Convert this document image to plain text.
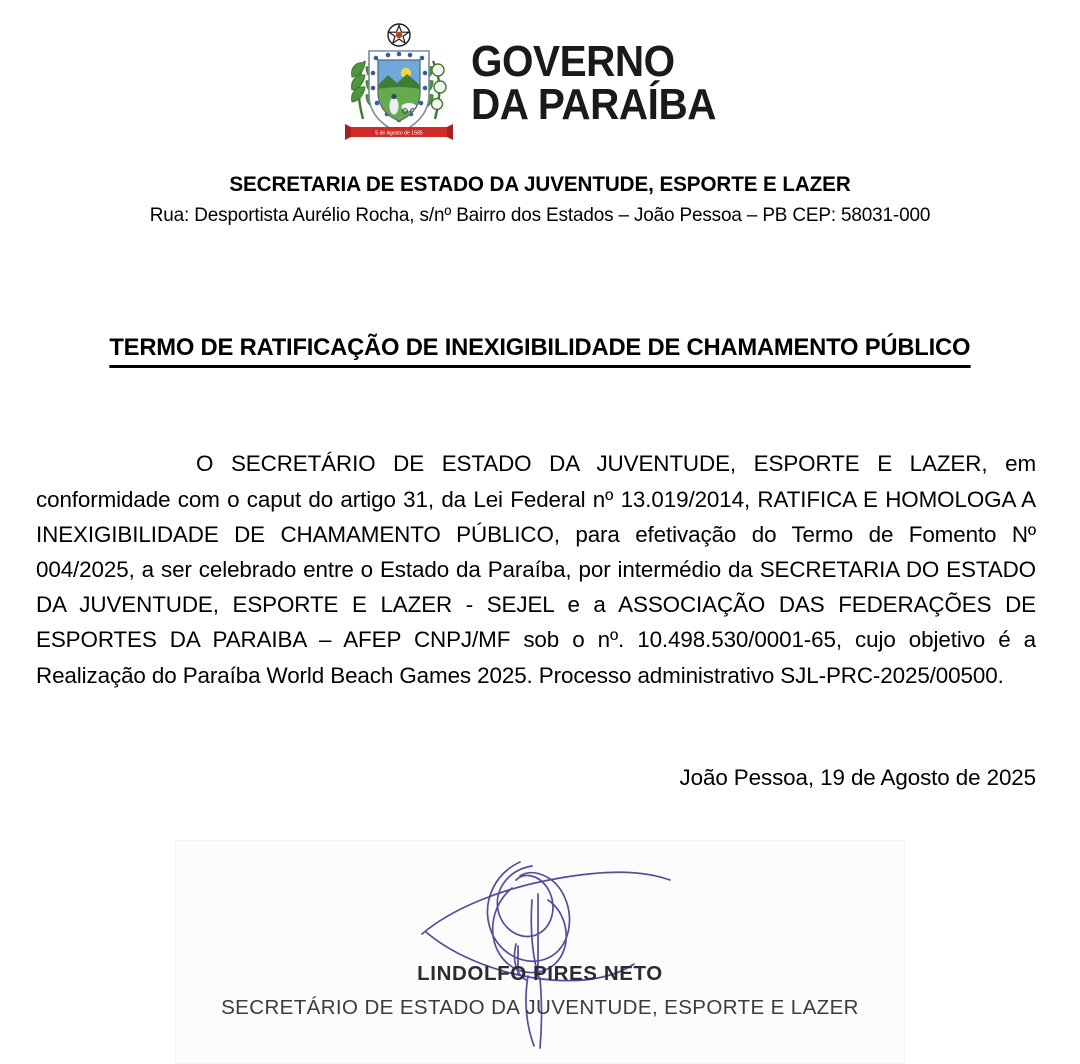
5 de Agosto de 1585
GOVERNO
DA PARAÍBA
SECRETARIA DE ESTADO DA JUVENTUDE, ESPORTE E LAZER
Rua: Desportista Aurélio Rocha, s/nº Bairro dos Estados – João Pessoa – PB CEP: 58031-000
TERMO DE RATIFICAÇÃO DE INEXIGIBILIDADE DE CHAMAMENTO PÚBLICO

O SECRETÁRIO DE ESTADO DA JUVENTUDE, ESPORTE E LAZER, em conformidade com o caput do artigo 31, da Lei Federal nº 13.019/2014, RATIFICA E HOMOLOGA A INEXIGIBILIDADE DE CHAMAMENTO PÚBLICO, para efetivação do Termo de Fomento Nº 004/2025, a ser celebrado entre o Estado da Paraíba, por intermédio da SECRETARIA DO ESTADO DA JUVENTUDE, ESPORTE E LAZER - SEJEL e a ASSOCIAÇÃO DAS FEDERAÇÕES DE ESPORTES DA PARAIBA – AFEP CNPJ/MF sob o nº. 10.498.530/0001-65, cujo objetivo é a Realização do Paraíba World Beach Games 2025. Processo administrativo SJL-PRC-2025/00500.

João Pessoa, 19 de Agosto de 2025
LINDOLFO PIRES NETO
SECRETÁRIO DE ESTADO DA JUVENTUDE, ESPORTE E LAZER
